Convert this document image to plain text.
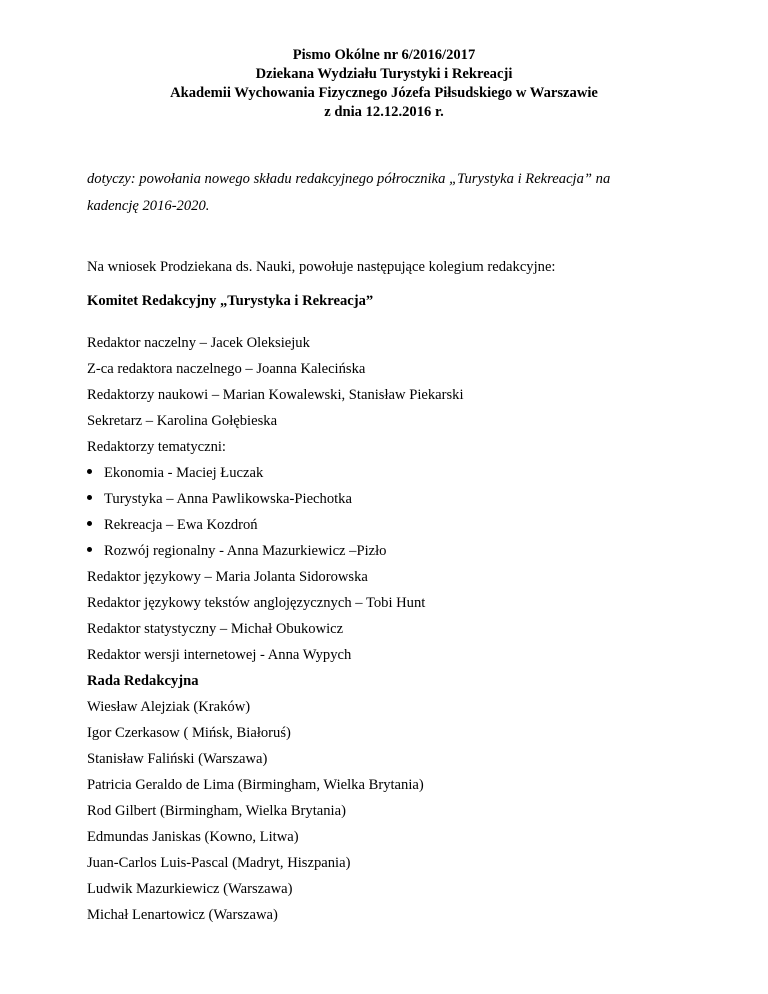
Pismo Okólne nr 6/2016/2017
Dziekana Wydziału Turystyki i Rekreacji
Akademii Wychowania Fizycznego Józefa Piłsudskiego w Warszawie
z dnia 12.12.2016 r.
dotyczy: powołania nowego składu redakcyjnego półrocznika „Turystyka i Rekreacja” na
kadencję 2016-2020.
Na wniosek Prodziekana ds. Nauki, powołuje następujące kolegium redakcyjne:
Komitet Redakcyjny „Turystyka i Rekreacja”
Redaktor naczelny – Jacek Oleksiejuk
Z-ca redaktora naczelnego – Joanna Kalecińska
Redaktorzy naukowi – Marian Kowalewski, Stanisław Piekarski
Sekretarz – Karolina Gołębieska
Redaktorzy tematyczni:
Ekonomia - Maciej Łuczak
Turystyka – Anna Pawlikowska-Piechotka
Rekreacja – Ewa Kozdroń
Rozwój regionalny - Anna Mazurkiewicz –Pizło
Redaktor językowy – Maria Jolanta Sidorowska
Redaktor językowy tekstów anglojęzycznych – Tobi Hunt
Redaktor statystyczny – Michał Obukowicz
Redaktor wersji internetowej - Anna Wypych
Rada Redakcyjna
Wiesław Alejziak (Kraków)
Igor Czerkasow ( Mińsk, Białoruś)
Stanisław Faliński (Warszawa)
Patricia Geraldo de Lima (Birmingham, Wielka Brytania)
Rod Gilbert (Birmingham, Wielka Brytania)
Edmundas Janiskas (Kowno, Litwa)
Juan-Carlos Luis-Pascal (Madryt, Hiszpania)
Ludwik Mazurkiewicz (Warszawa)
Michał Lenartowicz (Warszawa)
